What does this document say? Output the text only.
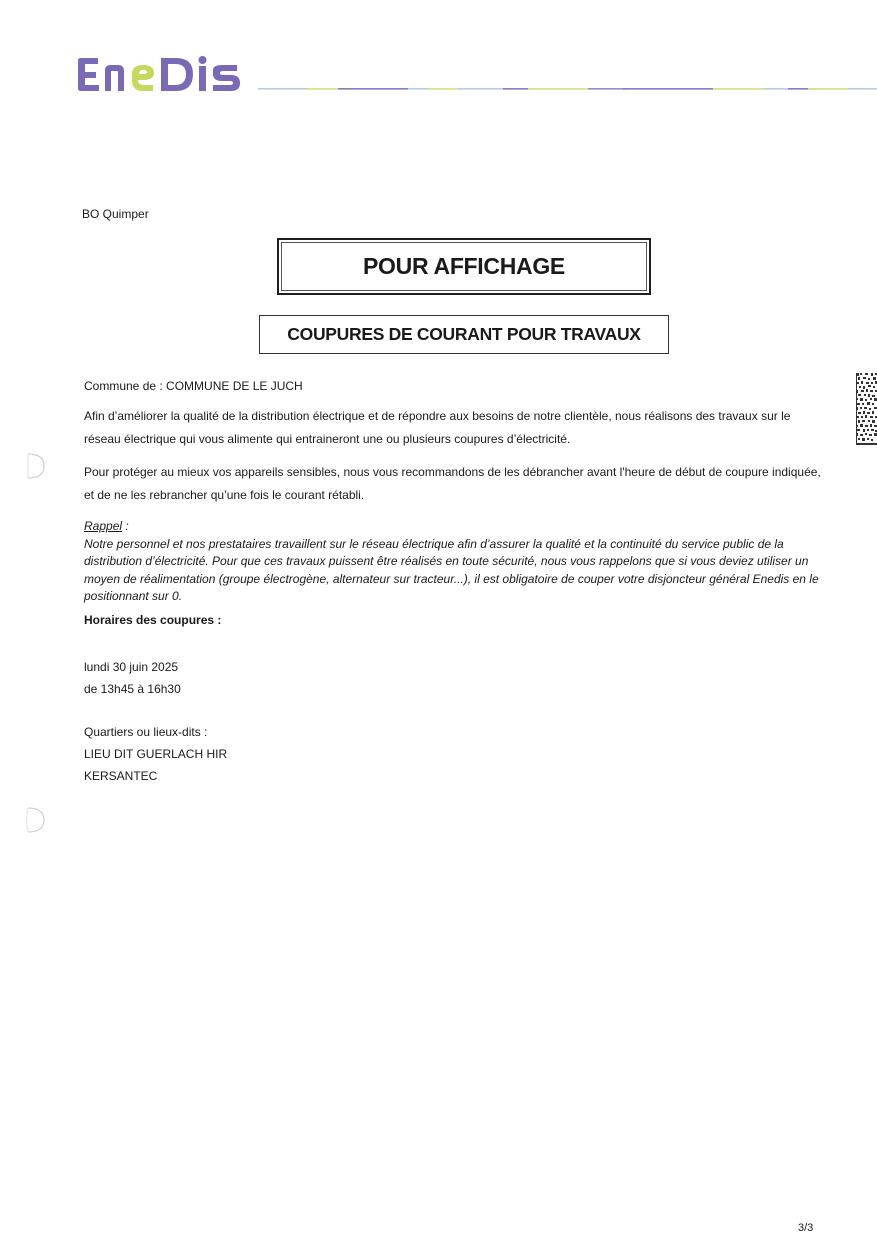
BO Quimper
POUR AFFICHAGE
COUPURES DE COURANT POUR TRAVAUX
Commune de : COMMUNE DE LE JUCH
Afin d’améliorer la qualité de la distribution électrique et de répondre aux besoins de notre clientèle, nous réalisons des travaux sur le réseau électrique qui vous alimente qui entraineront une ou plusieurs coupures d’électricité.
Pour protéger au mieux vos appareils sensibles, nous vous recommandons de les débrancher avant l'heure de début de coupure indiquée, et de ne les rebrancher qu’une fois le courant rétabli.
Rappel :
Notre personnel et nos prestataires travaillent sur le réseau électrique afin d’assurer la qualité et la continuité du service public de la distribution d’électricité. Pour que ces travaux puissent être réalisés en toute sécurité, nous vous rappelons que si vous deviez utiliser un moyen de réalimentation (groupe électrogène, alternateur sur tracteur...), il est obligatoire de couper votre disjoncteur général Enedis en le positionnant sur 0.
Horaires des coupures :
lundi 30 juin 2025
de 13h45 à 16h30
Quartiers ou lieux-dits :
LIEU DIT GUERLACH HIR
KERSANTEC
3/3
